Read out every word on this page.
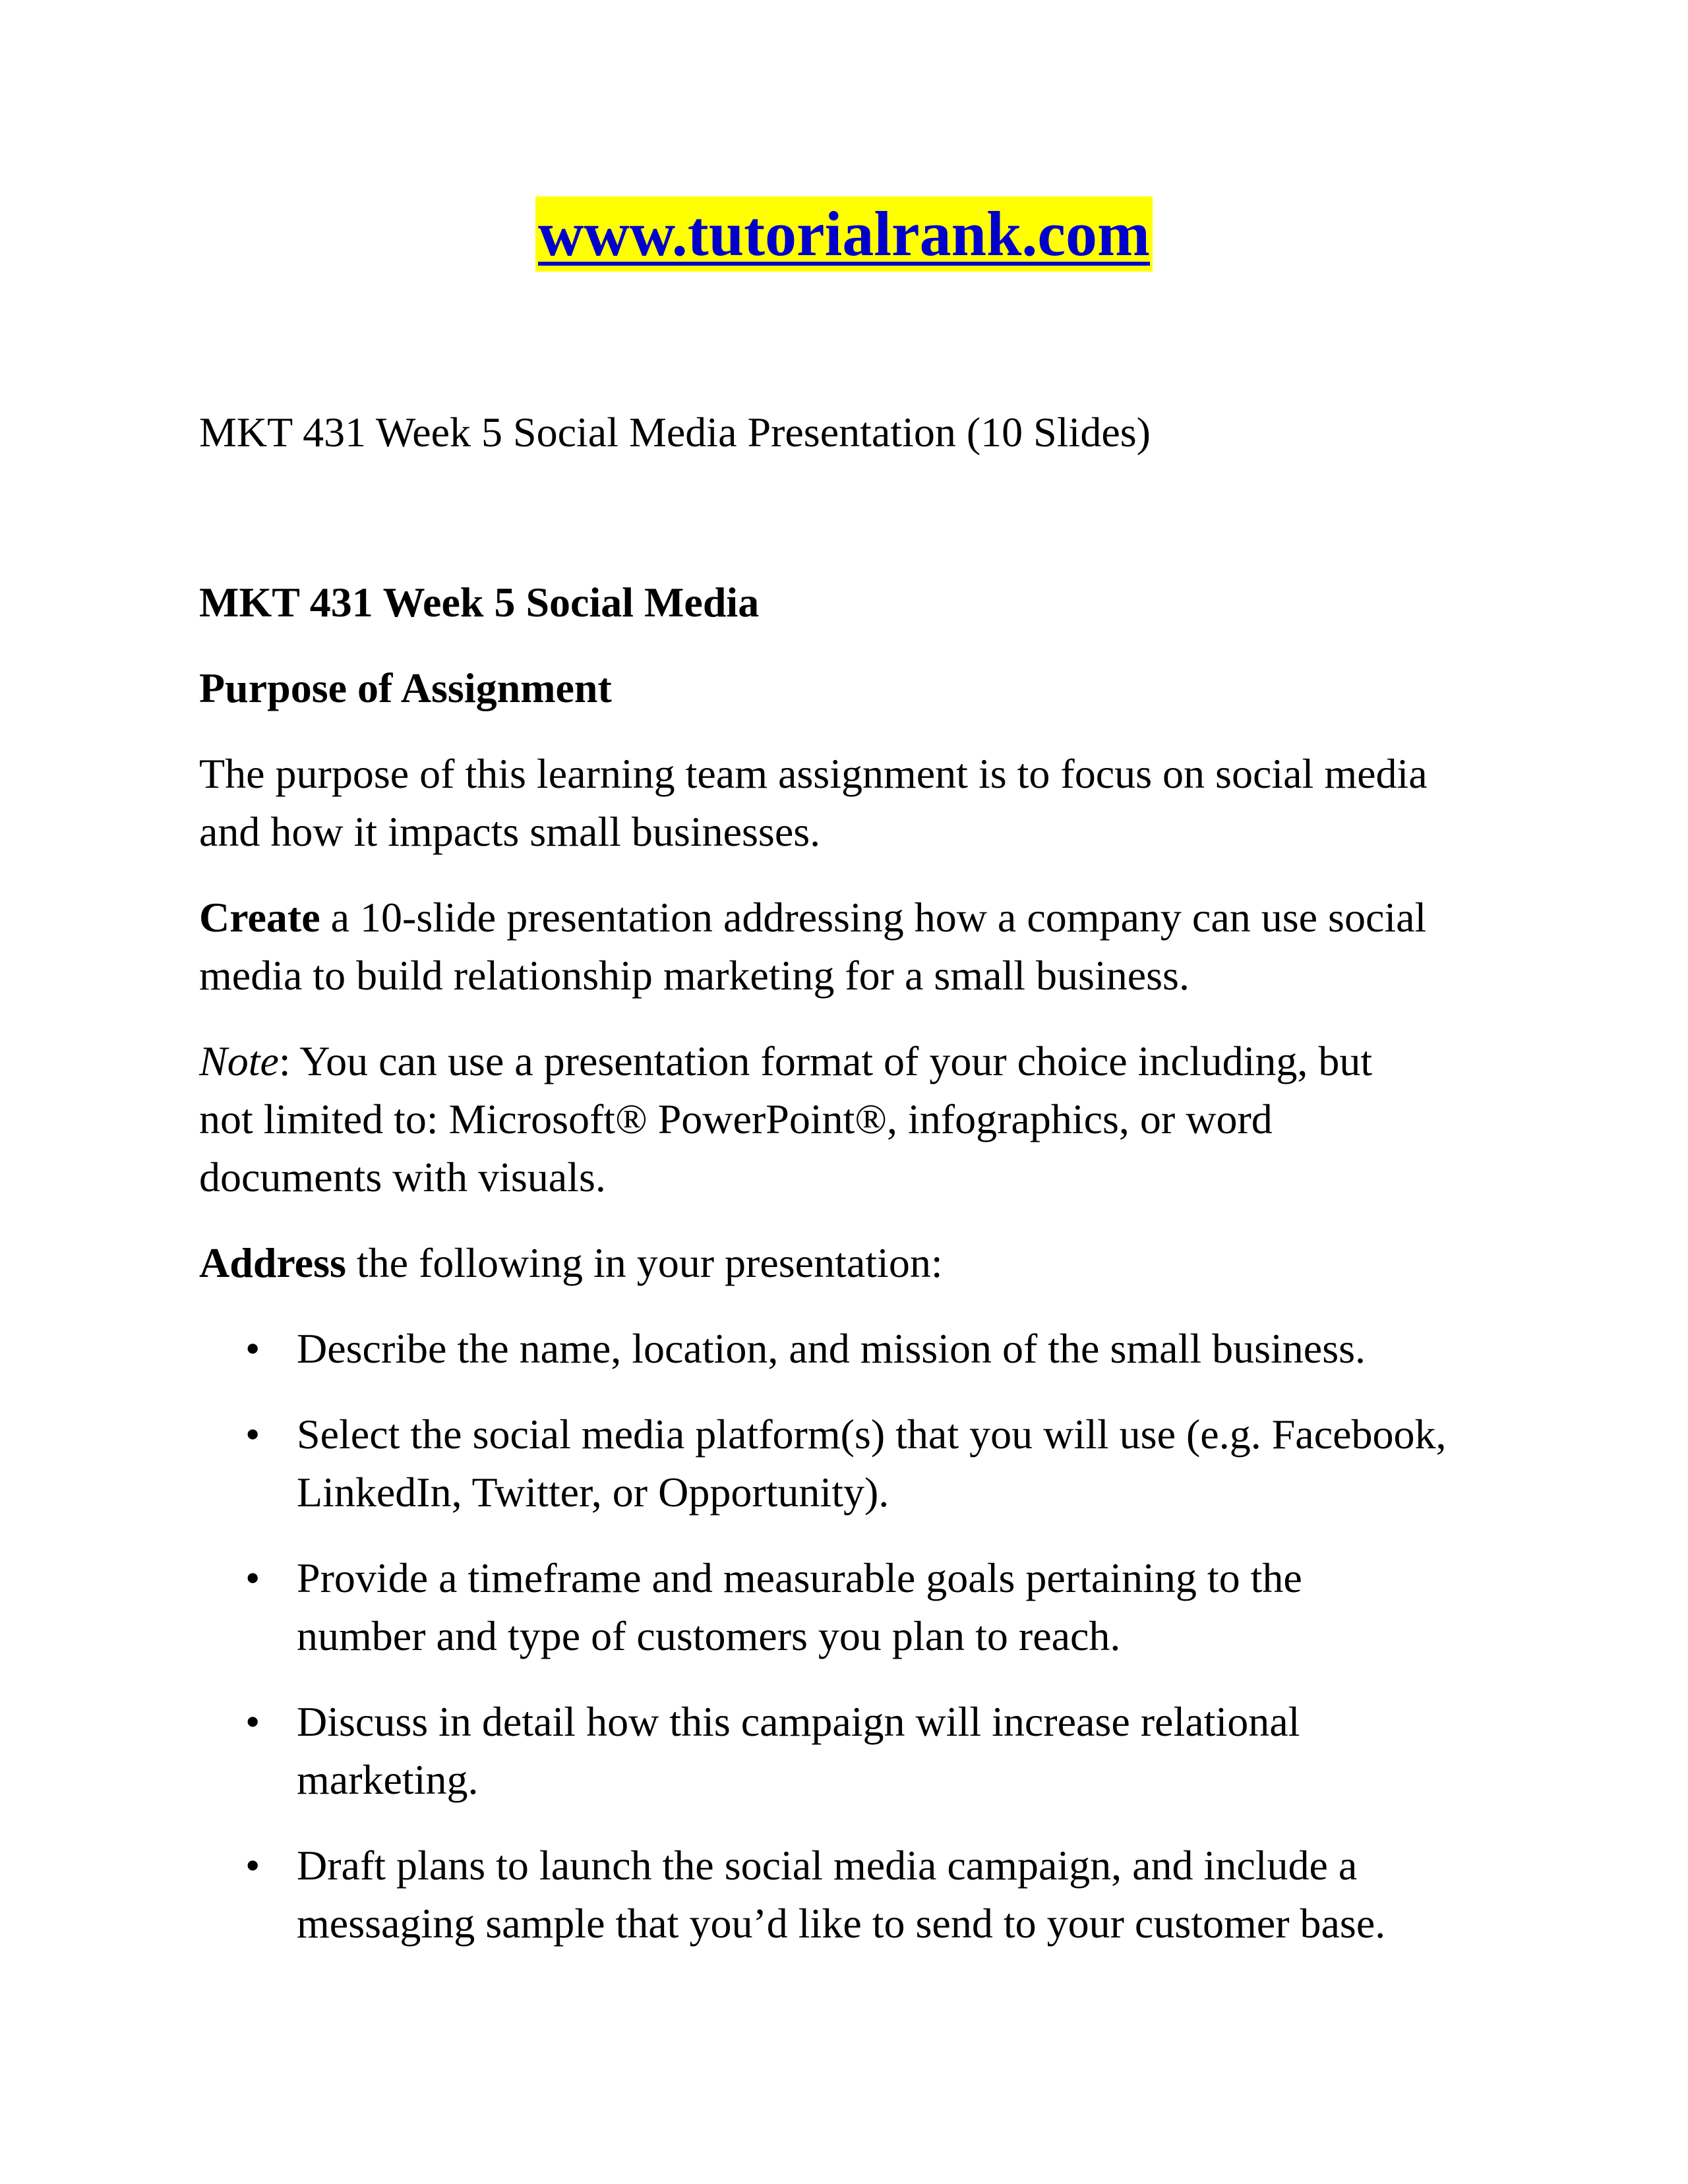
www.tutorialrank.com
MKT 431 Week 5 Social Media Presentation (10 Slides)
MKT 431 Week 5 Social Media
Purpose of Assignment
The purpose of this learning team assignment is to focus on social media
and how it impacts small businesses.
Create a 10-slide presentation addressing how a company can use social
media to build relationship marketing for a small business.
Note: You can use a presentation format of your choice including, but
not limited to: Microsoft® PowerPoint®, infographics, or word
documents with visuals.
Address the following in your presentation:
• Describe the name, location, and mission of the small business.
• Select the social media platform(s) that you will use (e.g. Facebook,
LinkedIn, Twitter, or Opportunity).
• Provide a timeframe and measurable goals pertaining to the
number and type of customers you plan to reach.
• Discuss in detail how this campaign will increase relational
marketing.
• Draft plans to launch the social media campaign, and include a
messaging sample that you’d like to send to your customer base.
